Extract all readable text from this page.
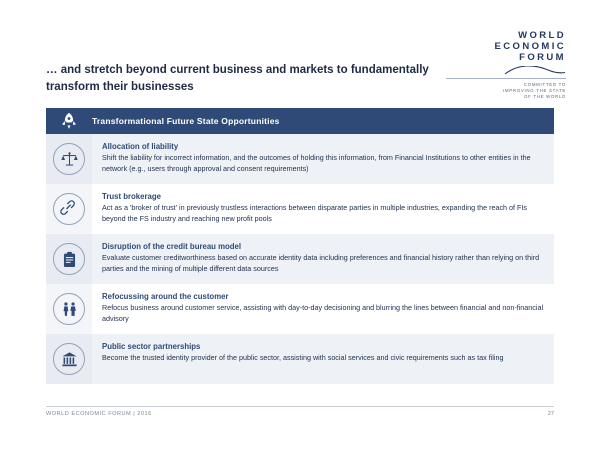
WORLD
ECONOMIC
FORUM
COMMITTED TO
IMPROVING THE STATE
OF THE WORLD
… and stretch beyond current business and markets to fundamentally transform their businesses
Transformational Future State Opportunities
Allocation of liability
Shift the liability for incorrect information, and the outcomes of holding this information, from Financial Institutions to other entities in the network (e.g., users through approval and consent requirements)
Trust brokerage
Act as a 'broker of trust' in previously trustless interactions between disparate parties in multiple industries, expanding the reach of FIs beyond the FS industry and reaching new profit pools
Disruption of the credit bureau model
Evaluate customer creditworthiness based on accurate identity data including preferences and financial history rather than relying on third parties and the mining of multiple different data sources
Refocussing around the customer
Refocus business around customer service, assisting with day-to-day decisioning and blurring the lines between financial and non-financial advisory
Public sector partnerships
Become the trusted identity provider of the public sector, assisting with social services and civic requirements such as tax filing
WORLD ECONOMIC FORUM | 2016	27
